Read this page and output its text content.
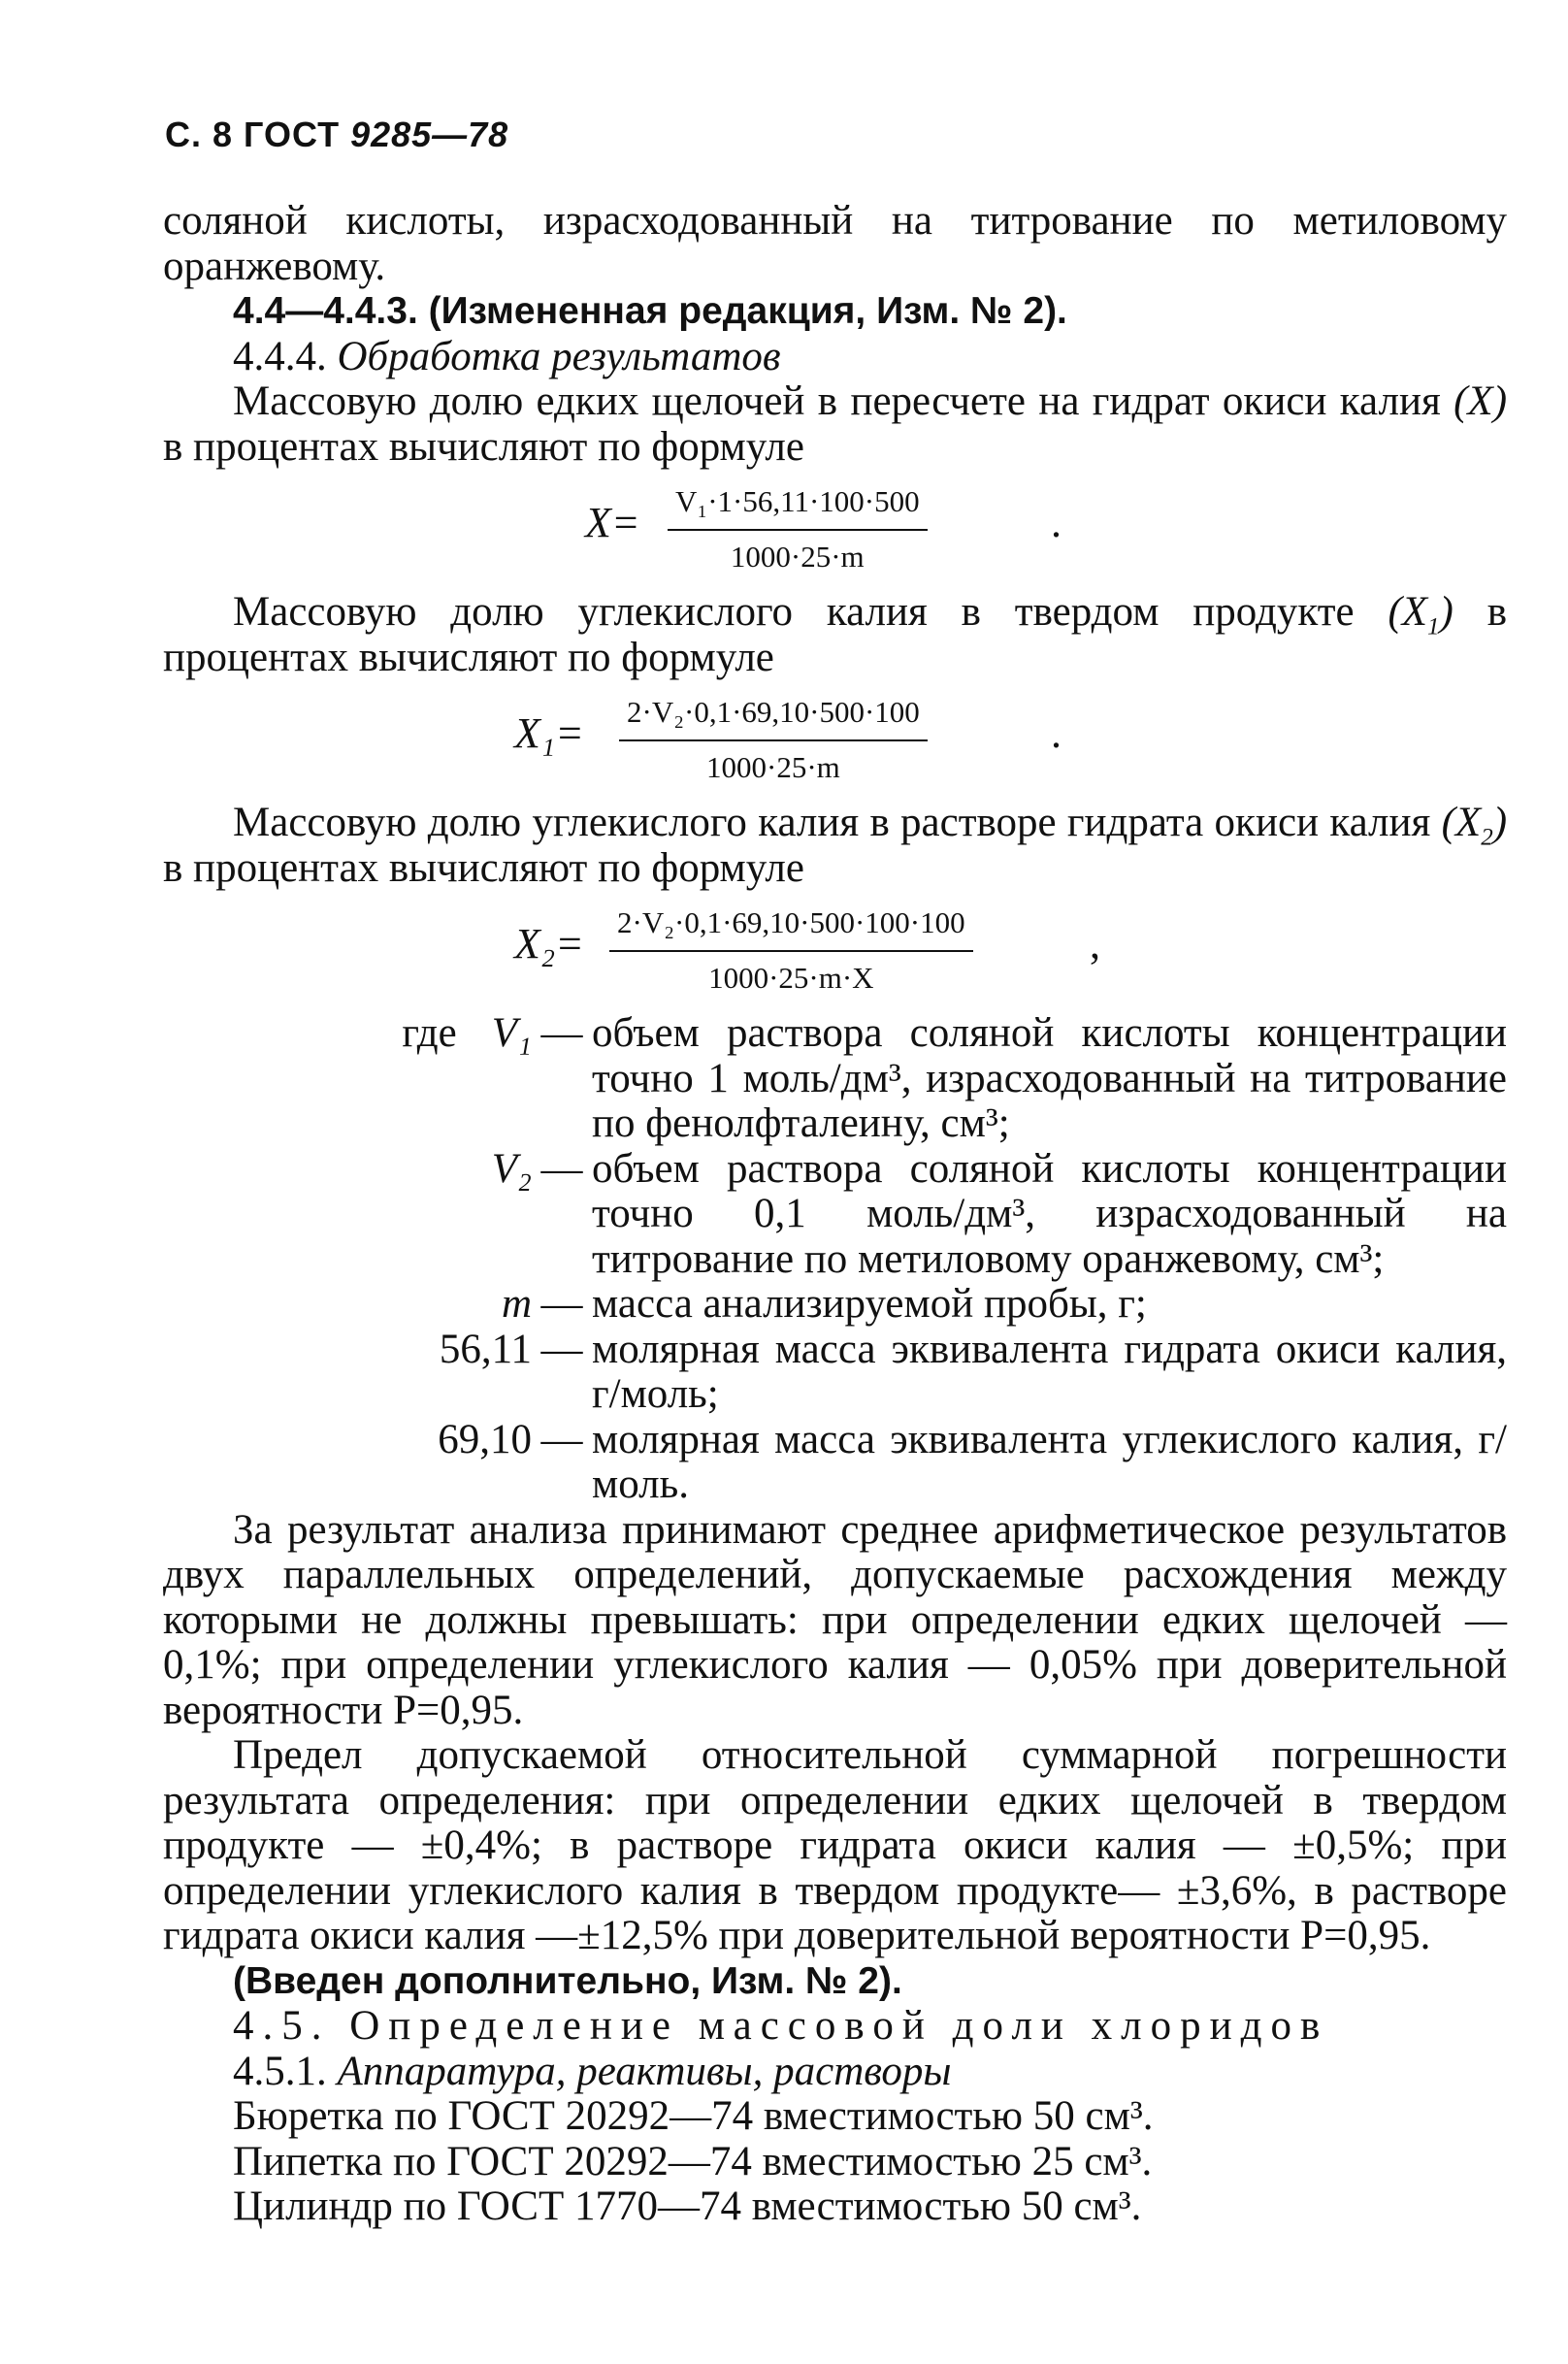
С. 8 ГОСТ 9285—78

соляной кислоты, израсходованный на титрование по метиловому оранжевому.

4.4—4.4.3. (Измененная редакция, Изм. № 2).

4.4.4. Обработка результатов

Массовую долю едких щелочей в пересчете на гидрат окиси калия (X) в процентах вычисляют по формуле

$X= \frac{\text{V₁·1·56,11·100·500}}{1000\cdot 25\cdot m}$	.

Массовую долю углекислого калия в твердом продукте $(X_1)$ в процентах вычисляют по формуле

$X_1= \frac{\text{2·V₂·0,1·69,10·500·100}}{1000\cdot 25\cdot m}$	.

Массовую долю углекислого калия в растворе гидрата окиси калия $(X_2)$ в процентах вычисляют по формуле

$X_2= \frac{\text{2·V₂·0,1·69,10·500·100·100}}{1000\cdot 25\cdot m\cdot X}$	,
где V₁ — объем раствора соляной кислоты концентрации точно 1 моль/дм³, израсходованный на титрование по фенолфталеину, см³;
V₂ — объем раствора соляной кислоты концентрации точно 0,1 моль/дм³, израсходованный на титрование по метиловому оранжевому, см³;
m — масса анализируемой пробы, г;
56,11 — молярная масса эквивалента гидрата окиси калия, г/моль;
69,10 — молярная масса эквивалента углекислого калия, г/моль.

За результат анализа принимают среднее арифметическое результатов двух параллельных определений, допускаемые расхождения между которыми не должны превышать: при определении едких щелочей — 0,1%; при определении углекислого калия — 0,05% при доверительной вероятности P=0,95.

Предел допускаемой относительной суммарной погрешности результата определения: при определении едких щелочей в твердом продукте — ±0,4%; в растворе гидрата окиси калия — ±0,5%; при определении углекислого калия в твердом продукте— ±3,6%, в растворе гидрата окиси калия —±12,5% при доверительной вероятности P=0,95.

(Введен дополнительно, Изм. № 2).

4.5. Определение массовой доли хлоридов

4.5.1. Аппаратура, реактивы, растворы

Бюретка по ГОСТ 20292—74 вместимостью 50 см³.

Пипетка по ГОСТ 20292—74 вместимостью 25 см³.

Цилиндр по ГОСТ 1770—74 вместимостью 50 см³.
